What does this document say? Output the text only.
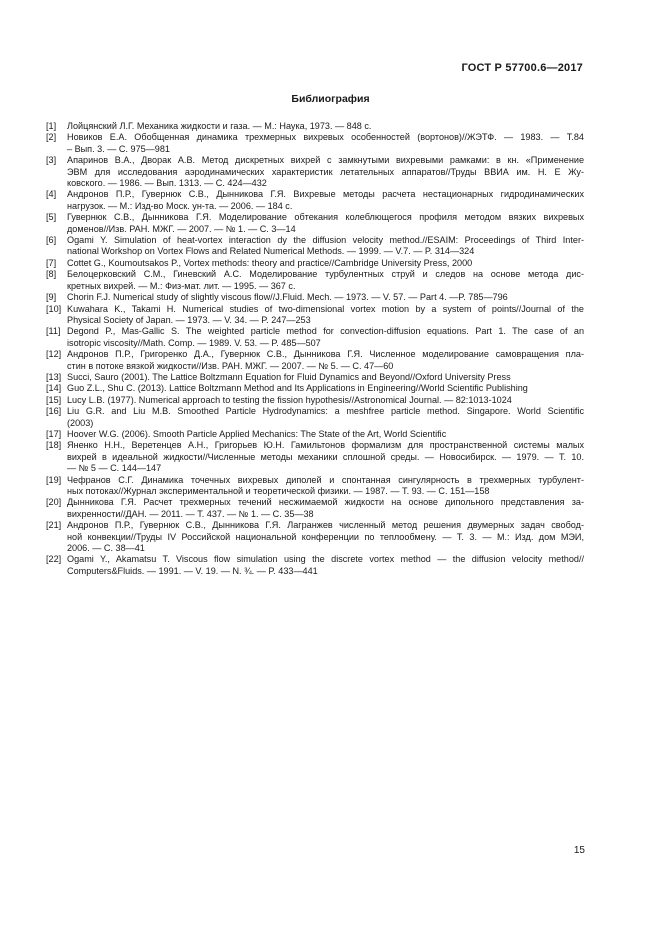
ГОСТ Р 57700.6—2017
Библиография
[1]	Лойцянский Л.Г. Механика жидкости и газа. — М.: Наука, 1973. — 848 с.
[2]	Новиков Е.А. Обобщенная динамика трехмерных вихревых особенностей (вортонов)//ЖЭТФ. — 1983. — Т.84
– Вып. 3. — С. 975—981
[3]	Апаринов В.А., Дворак А.В. Метод дискретных вихрей с замкнутыми вихревыми рамками: в кн. «Применение
ЭВМ для исследования аэродинамических характеристик летательных аппаратов//Труды ВВИА им. Н. Е Жу-
ковского. — 1986. — Вып. 1313. — С. 424—432
[4]	Андронов П.Р., Гувернюк С.В., Дынникова Г.Я. Вихревые методы расчета нестационарных гидродинамических
нагрузок. — М.: Изд-во Моск. ун-та. — 2006. — 184 с.
[5]	Гувернюк С.В., Дынникова Г.Я. Моделирование обтекания колеблющегося профиля методом вязких вихревых
доменов//Изв. РАН. МЖГ. — 2007. — № 1. — С. 3—14
[6]	Ogami Y. Simulation of heat-vortex interaction dy the diffusion velocity method.//ESAIM: Proceedings of Third Inter-
national Workshop on Vortex Flows and Related Numerical Methods. — 1999. — V.7. — P. 314—324
[7]	Cottet G., Koumoutsakos P., Vortex methods: theory and practice//Cambridge University Press, 2000
[8]	Белоцерковский С.М., Гиневский А.С. Моделирование турбулентных струй и следов на основе метода дис-
кретных вихрей. — М.: Физ-мат. лит. — 1995. — 367 с.
[9]	Chorin F.J. Numerical study of slightly viscous flow//J.Fluid. Mech. — 1973. — V. 57. — Part 4. —P. 785—796
[10] Kuwahara K., Takami H. Numerical studies of two-dimensional vortex motion by a system of points//Journal of the
Physical Society of Japan. — 1973. — V. 34. — P. 247—253
[11] Degond P., Mas-Gallic S. The weighted particle method for convection-diffusion equations. Part 1. The case of an
isotropic viscosity//Math. Comp. — 1989. V. 53. — P. 485—507
[12] Андронов П.Р., Григоренко Д.А., Гувернюк С.В., Дынникова Г.Я. Численное моделирование самовращения пла-
стин в потоке вязкой жидкости//Изв. РАН. МЖГ. — 2007. — № 5. — С. 47—60
[13] Succi, Sauro (2001). The Lattice Boltzmann Equation for Fluid Dynamics and Beyond//Oxford University Press
[14] Guo Z.L., Shu C. (2013). Lattice Boltzmann Method and Its Applications in Engineering//World Scientific Publishing
[15] Lucy L.B. (1977). Numerical approach to testing the fission hypothesis//Astronomical Journal. — 82:1013-1024
[16] Liu G.R. and Liu M.B. Smoothed Particle Hydrodynamics: a meshfree particle method. Singapore. World Scientific
(2003)
[17] Hoover W.G. (2006). Smooth Particle Applied Mechanics: The State of the Art, World Scientific
[18] Яненко Н.Н., Веретенцев А.Н., Григорьев Ю.Н. Гамильтонов формализм для пространственной системы малых
вихрей в идеальной жидкости//Численные методы механики сплошной среды. — Новосибирск. — 1979. — Т. 10.
— № 5 — С. 144—147
[19] Чефранов С.Г. Динамика точечных вихревых диполей и спонтанная сингулярность в трехмерных турбулент-
ных потоках//Журнал экспериментальной и теоретической физики. — 1987. — Т. 93. — С. 151—158
[20] Дынникова Г.Я. Расчет трехмерных течений несжимаемой жидкости на основе дипольного представления за-
вихренности//ДАН. — 2011. — Т. 437. — № 1. — С. 35—38
[21] Андронов П.Р., Гувернюк С.В., Дынникова Г.Я. Лагранжев численный метод решения двумерных задач свобод-
ной конвекции//Труды IV Российской национальной конференции по теплообмену. — Т. 3. — М.: Изд. дом МЭИ,
2006. — С. 38—41
[22] Ogami Y., Akamatsu T. Viscous flow simulation using the discrete vortex method — the diffusion velocity method//
Computers&Fluids. — 1991. — V. 19. — N. ¾. — P. 433—441
15
